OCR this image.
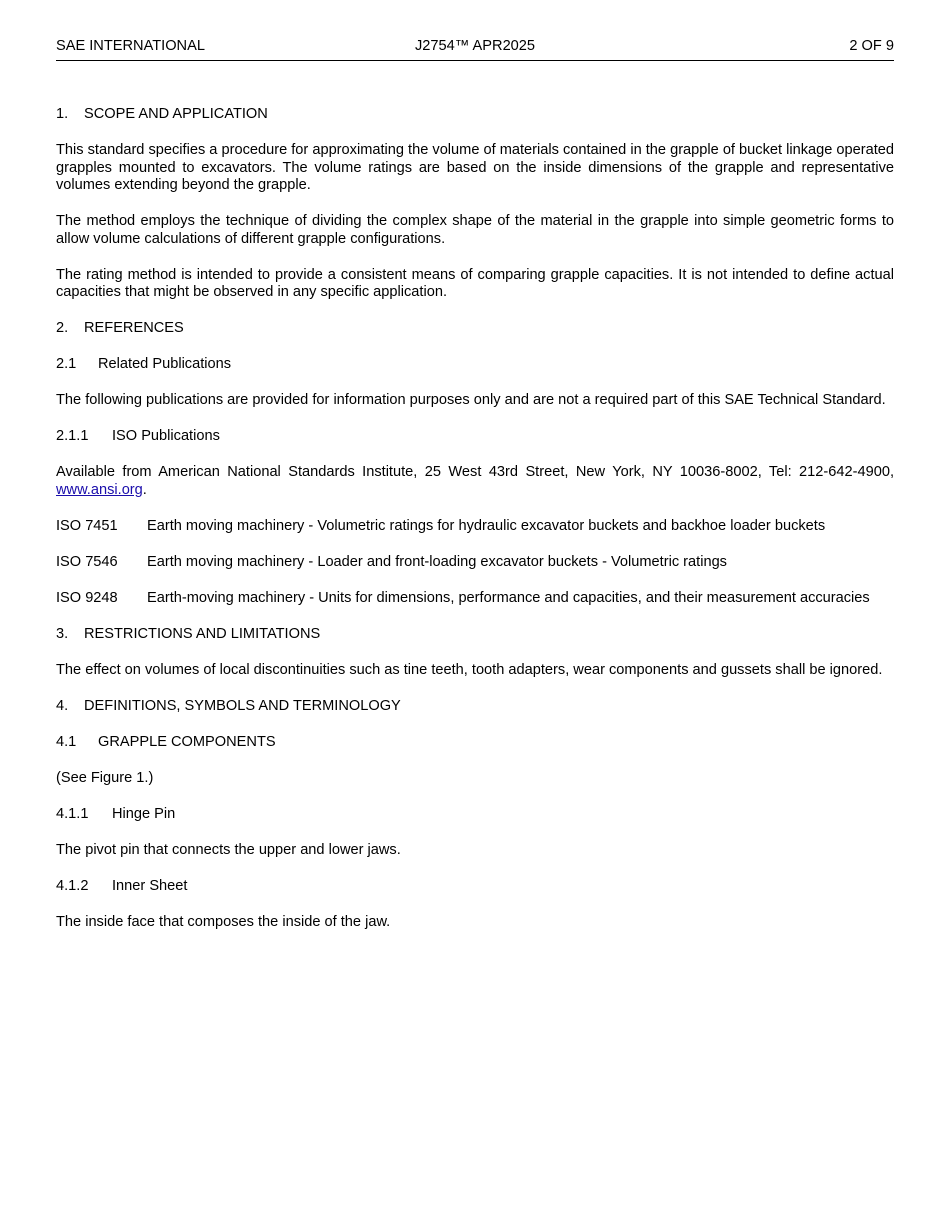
SAE INTERNATIONAL	J2754™ APR2025	2 OF 9

1. SCOPE AND APPLICATION

This standard specifies a procedure for approximating the volume of materials contained in the grapple of bucket linkage operated grapples mounted to excavators. The volume ratings are based on the inside dimensions of the grapple and representative volumes extending beyond the grapple.

The method employs the technique of dividing the complex shape of the material in the grapple into simple geometric forms to allow volume calculations of different grapple configurations.

The rating method is intended to provide a consistent means of comparing grapple capacities. It is not intended to define actual capacities that might be observed in any specific application.

2. REFERENCES

2.1 Related Publications

The following publications are provided for information purposes only and are not a required part of this SAE Technical Standard.

2.1.1 ISO Publications

Available from American National Standards Institute, 25 West 43rd Street, New York, NY 10036-8002, Tel: 212-642-4900, www.ansi.org.

ISO 7451	Earth moving machinery - Volumetric ratings for hydraulic excavator buckets and backhoe loader buckets
ISO 7546	Earth moving machinery - Loader and front-loading excavator buckets - Volumetric ratings
ISO 9248	Earth-moving machinery - Units for dimensions, performance and capacities, and their measurement accuracies

3. RESTRICTIONS AND LIMITATIONS

The effect on volumes of local discontinuities such as tine teeth, tooth adapters, wear components and gussets shall be ignored.

4. DEFINITIONS, SYMBOLS AND TERMINOLOGY

4.1 GRAPPLE COMPONENTS

(See Figure 1.)

4.1.1 Hinge Pin

The pivot pin that connects the upper and lower jaws.

4.1.2 Inner Sheet

The inside face that composes the inside of the jaw.
